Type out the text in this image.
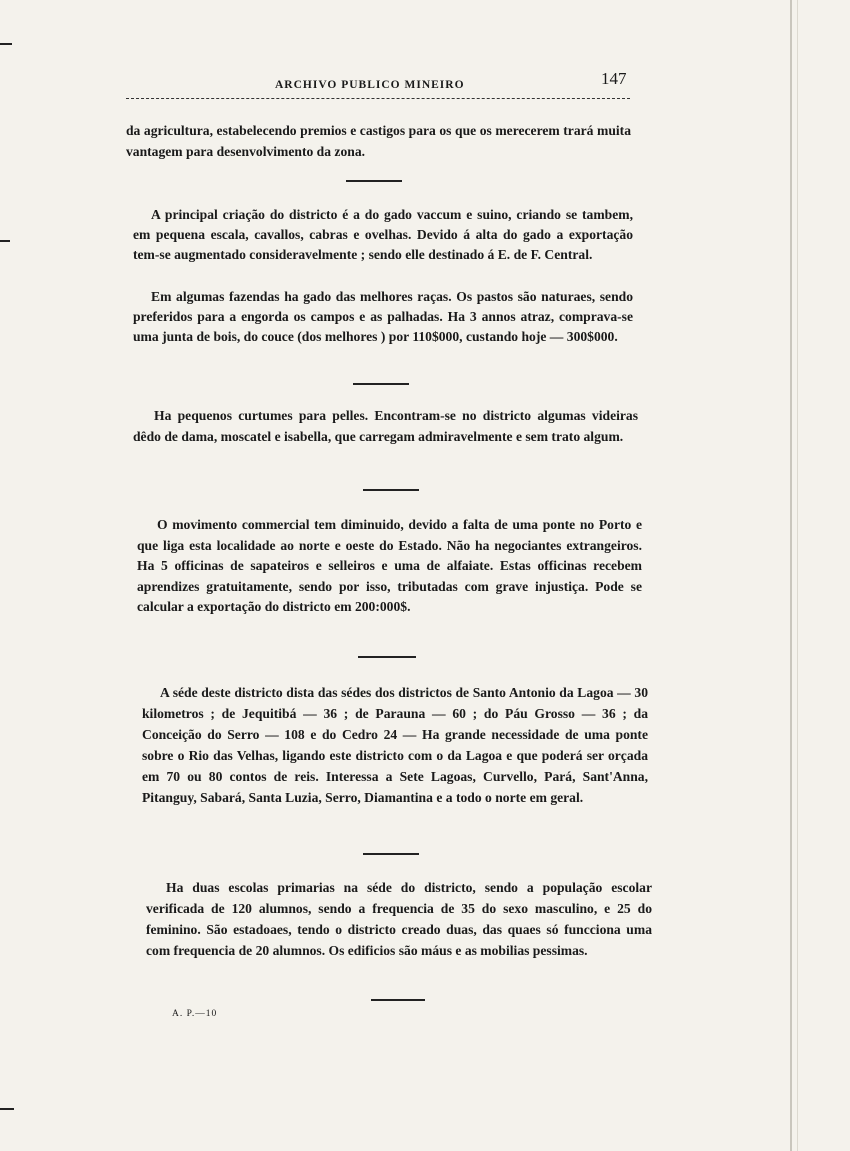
ARCHIVO PUBLICO MINEIRO	147

da agricultura, estabelecendo premios e castigos para os que os merecerem trará muita vantagem para desenvolvimento da zona.

A principal criação do districto é a do gado vaccum e suino, criando se tambem, em pequena escala, cavallos, cabras e ovelhas. Devido á alta do gado a exportação tem-se augmentado consideravelmente ; sendo elle destinado á E. de F. Central.

Em algumas fazendas ha gado das melhores raças. Os pastos são naturaes, sendo preferidos para a engorda os campos e as palhadas. Ha 3 annos atraz, comprava-se uma junta de bois, do couce (dos melhores ) por 110$000, custando hoje — 300$000.

Ha pequenos curtumes para pelles. Encontram-se no districto algumas videiras dêdo de dama, moscatel e isabella, que carregam admiravelmente e sem trato algum.

O movimento commercial tem diminuido, devido a falta de uma ponte no Porto e que liga esta localidade ao norte e oeste do Estado. Não ha negociantes extrangeiros. Ha 5 officinas de sapateiros e selleiros e uma de alfaiate. Estas officinas recebem aprendizes gratuitamente, sendo por isso, tributadas com grave injustiça. Pode se calcular a exportação do districto em 200:000$.

A séde deste districto dista das sédes dos districtos de Santo Antonio da Lagoa — 30 kilometros ; de Jequitibá — 36 ; de Parauna — 60 ; do Páu Grosso — 36 ; da Conceição do Serro — 108 e do Cedro 24 — Ha grande necessidade de uma ponte sobre o Rio das Velhas, ligando este districto com o da Lagoa e que poderá ser orçada em 70 ou 80 contos de reis. Interessa a Sete Lagoas, Curvello, Pará, Sant'Anna, Pitanguy, Sabará, Santa Luzia, Serro, Diamantina e a todo o norte em geral.

Ha duas escolas primarias na séde do districto, sendo a população escolar verificada de 120 alumnos, sendo a frequencia de 35 do sexo masculino, e 25 do feminino. São estadoaes, tendo o districto creado duas, das quaes só funcciona uma com frequencia de 20 alumnos. Os edificios são máus e as mobilias pessimas.

A. P.—10
